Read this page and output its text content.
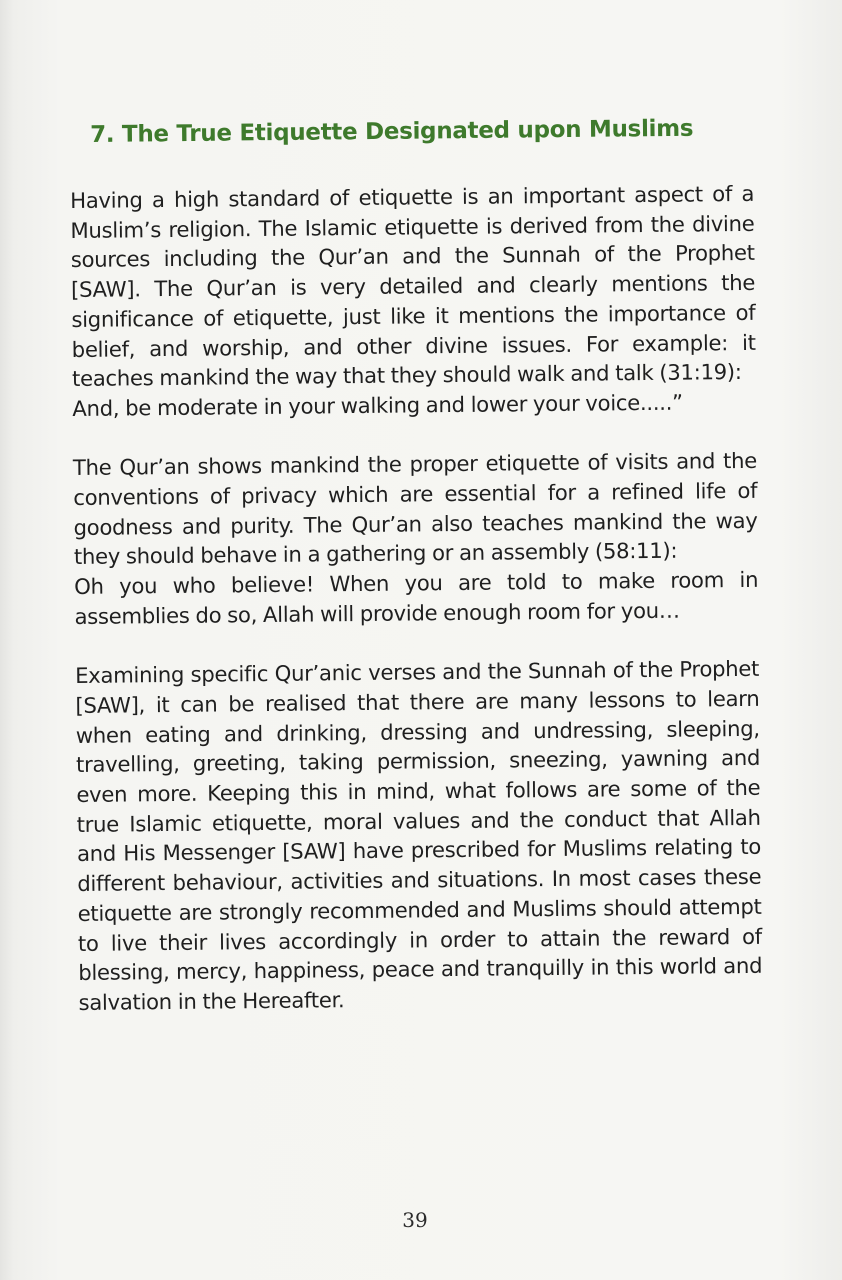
7. The True Etiquette Designated upon Muslims

Having a high standard of etiquette is an important aspect of a Muslim’s religion. The Islamic etiquette is derived from the divine sources including the Qur’an and the Sunnah of the Prophet [SAW]. The Qur’an is very detailed and clearly mentions the significance of etiquette, just like it mentions the importance of belief, and worship, and other divine issues. For example: it teaches mankind the way that they should walk and talk (31:19):
And, be moderate in your walking and lower your voice.....”

The Qur’an shows mankind the proper etiquette of visits and the conventions of privacy which are essential for a refined life of goodness and purity. The Qur’an also teaches mankind the way they should behave in a gathering or an assembly (58:11):
Oh you who believe! When you are told to make room in assemblies do so, Allah will provide enough room for you…

Examining specific Qur’anic verses and the Sunnah of the Prophet [SAW], it can be realised that there are many lessons to learn when eating and drinking, dressing and undressing, sleeping, travelling, greeting, taking permission, sneezing, yawning and even more. Keeping this in mind, what follows are some of the true Islamic etiquette, moral values and the conduct that Allah and His Messenger [SAW] have prescribed for Muslims relating to different behaviour, activities and situations. In most cases these etiquette are strongly recommended and Muslims should attempt to live their lives accordingly in order to attain the reward of blessing, mercy, happiness, peace and tranquilly in this world and salvation in the Hereafter.

39
